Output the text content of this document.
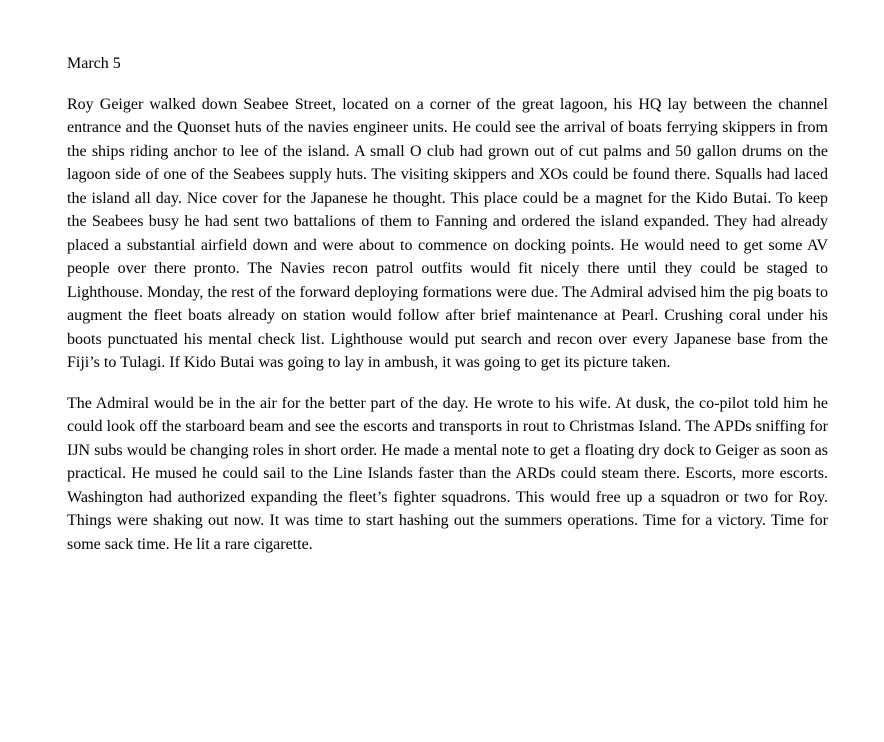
March 5

Roy Geiger walked down Seabee Street, located on a corner of the great lagoon, his HQ lay between the channel entrance and the Quonset huts of the navies engineer units. He could see the arrival of boats ferrying skippers in from the ships riding anchor to lee of the island. A small O club had grown out of cut palms and 50 gallon drums on the lagoon side of one of the Seabees supply huts. The visiting skippers and XOs could be found there. Squalls had laced the island all day. Nice cover for the Japanese he thought. This place could be a magnet for the Kido Butai. To keep the Seabees busy he had sent two battalions of them to Fanning and ordered the island expanded. They had already placed a substantial airfield down and were about to commence on docking points. He would need to get some AV people over there pronto. The Navies recon patrol outfits would fit nicely there until they could be staged to Lighthouse. Monday, the rest of the forward deploying formations were due. The Admiral advised him the pig boats to augment the fleet boats already on station would follow after brief maintenance at Pearl. Crushing coral under his boots punctuated his mental check list. Lighthouse would put search and recon over every Japanese base from the Fiji’s to Tulagi. If Kido Butai was going to lay in ambush, it was going to get its picture taken.

The Admiral would be in the air for the better part of the day. He wrote to his wife. At dusk, the co-pilot told him he could look off the starboard beam and see the escorts and transports in rout to Christmas Island. The APDs sniffing for IJN subs would be changing roles in short order. He made a mental note to get a floating dry dock to Geiger as soon as practical. He mused he could sail to the Line Islands faster than the ARDs could steam there. Escorts, more escorts. Washington had authorized expanding the fleet’s fighter squadrons. This would free up a squadron or two for Roy. Things were shaking out now. It was time to start hashing out the summers operations. Time for a victory. Time for some sack time. He lit a rare cigarette.
